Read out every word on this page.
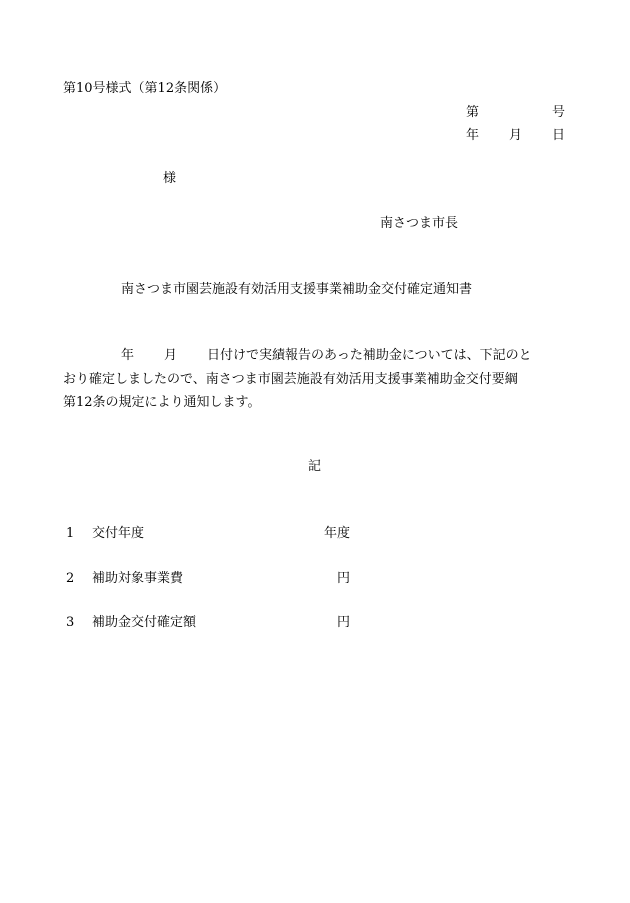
第10号様式（第12条関係）
第	号
年 月 日
様
南さつま市長
南さつま市園芸施設有効活用支援事業補助金交付確定通知書
年 月 日付けで実績報告のあった補助金については、下記のと
おり確定しましたので、南さつま市園芸施設有効活用支援事業補助金交付要綱
第12条の規定により通知します。
記
1 交付年度	年度
2 補助対象事業費	円
3 補助金交付確定額	円
